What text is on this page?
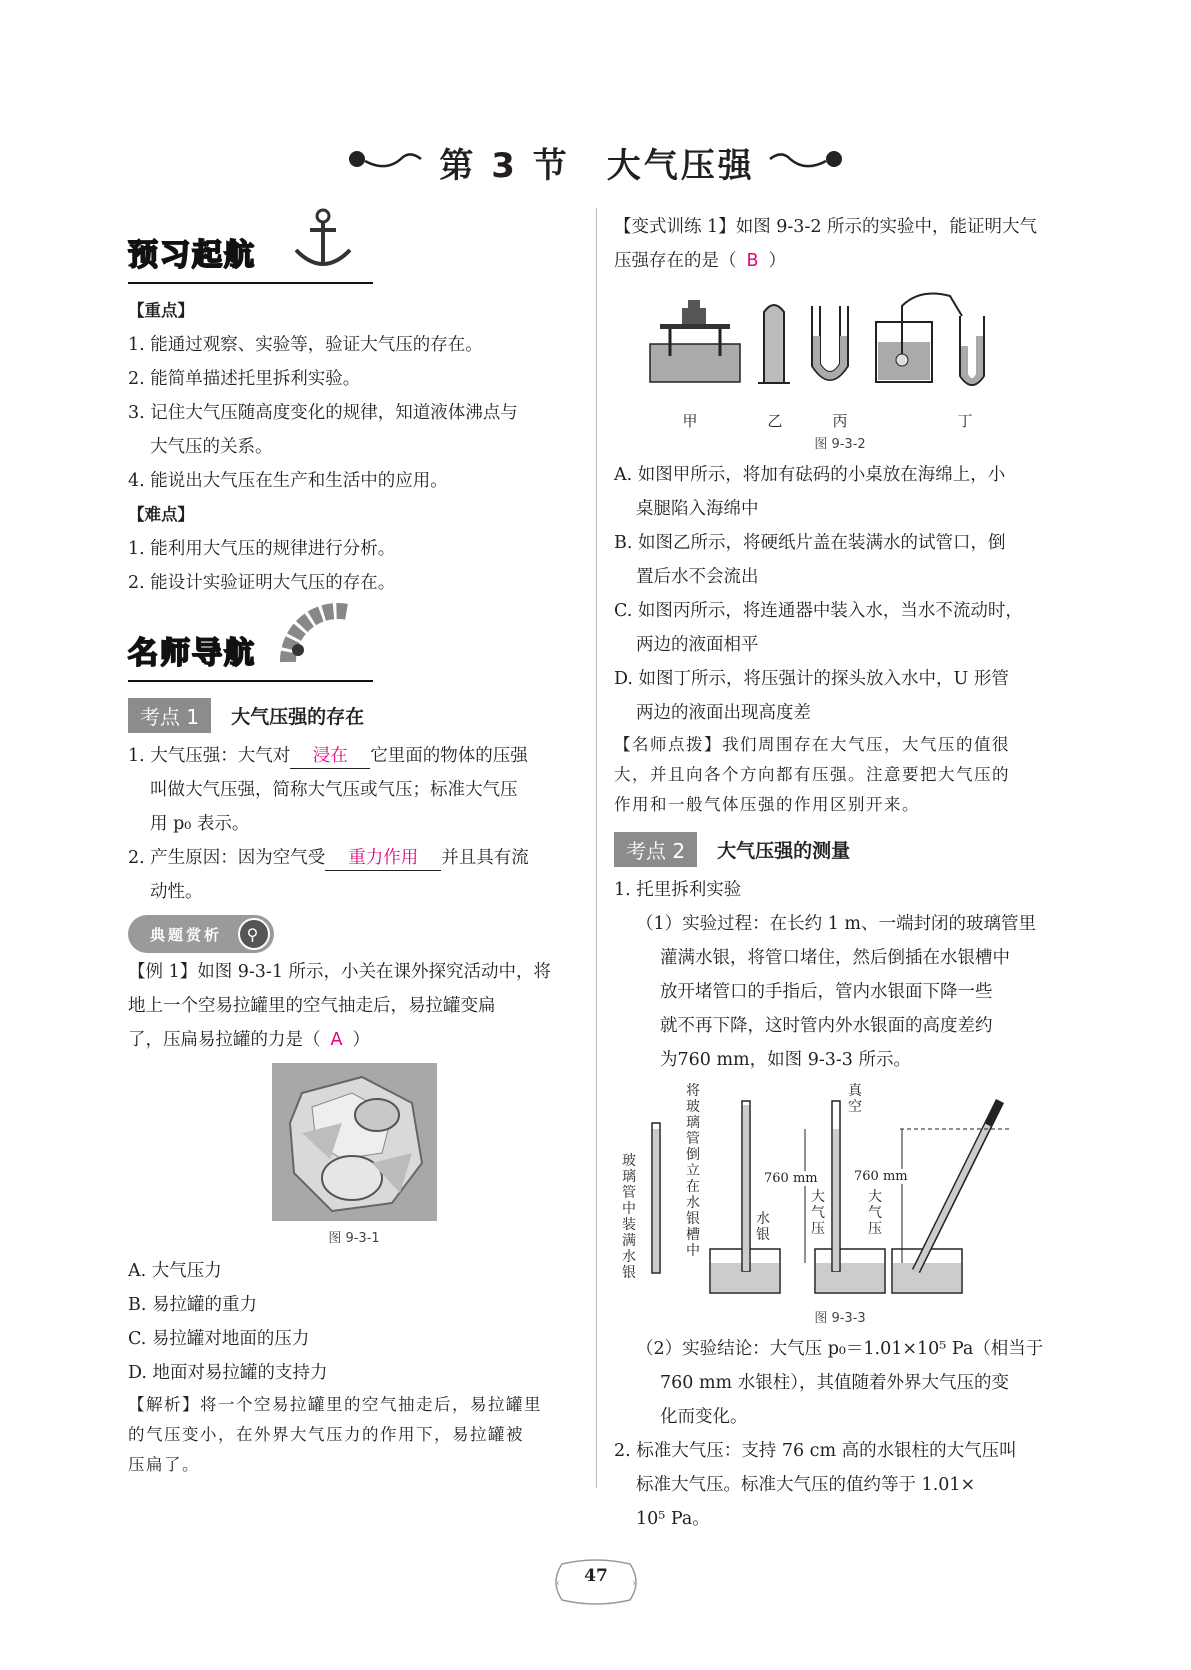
第 3 节　大气压强
预习起航

【重点】

1. 能通过观察、实验等，验证大气压的存在。

2. 能简单描述托里拆利实验。

3. 记住大气压随高度变化的规律，知道液体沸点与

大气压的关系。

4. 能说出大气压在生产和生活中的应用。

【难点】

1. 能利用大气压的规律进行分析。

2. 能设计实验证明大气压的存在。

名师导航
考点 1	大气压强的存在

1. 大气压强：大气对 浸在 它里面的物体的压强

叫做大气压强，简称大气压或气压；标准大气压

用 p₀ 表示。

2. 产生原因：因为空气受 重力作用 并且具有流

动性。

典题赏析	⚲

【例 1】如图 9-3-1 所示，小关在课外探究活动中，将

地上一个空易拉罐里的空气抽走后，易拉罐变扁

了，压扁易拉罐的力是（ A ）

图 9-3-1

A. 大气压力

B. 易拉罐的重力

C. 易拉罐对地面的压力

D. 地面对易拉罐的支持力

【解析】将一个空易拉罐里的空气抽走后，易拉罐里

的气压变小，在外界大气压力的作用下，易拉罐被

压扁了。

【变式训练 1】如图 9-3-2 所示的实验中，能证明大气

压强存在的是（ B ）

甲	乙	丙	丁

图 9-3-2

A. 如图甲所示，将加有砝码的小桌放在海绵上，小

桌腿陷入海绵中

B. 如图乙所示，将硬纸片盖在装满水的试管口，倒

置后水不会流出

C. 如图丙所示，将连通器中装入水，当水不流动时，

两边的液面相平

D. 如图丁所示，将压强计的探头放入水中，U 形管

两边的液面出现高度差

【名师点拨】我们周围存在大气压，大气压的值很

大，并且向各个方向都有压强。注意要把大气压的

作用和一般气体压强的作用区别开来。

考点 2	大气压强的测量

1. 托里拆利实验

（1）实验过程：在长约 1 m、一端封闭的玻璃管里

灌满水银，将管口堵住，然后倒插在水银槽中

放开堵管口的手指后，管内水银面下降一些

就不再下降，这时管内外水银面的高度差约

为760 mm，如图 9-3-3 所示。

玻璃管中装满水银
将玻璃管倒立在水银槽中
水银
真空
760 mm	760 mm
大气压
大气压

图 9-3-3

（2）实验结论：大气压 p₀＝1.01×10⁵ Pa（相当于

760 mm 水银柱），其值随着外界大气压的变

化而变化。

2. 标准大气压：支持 76 cm 高的水银柱的大气压叫

标准大气压。标准大气压的值约等于 1.01×

10⁵ Pa。

‹	›
47
